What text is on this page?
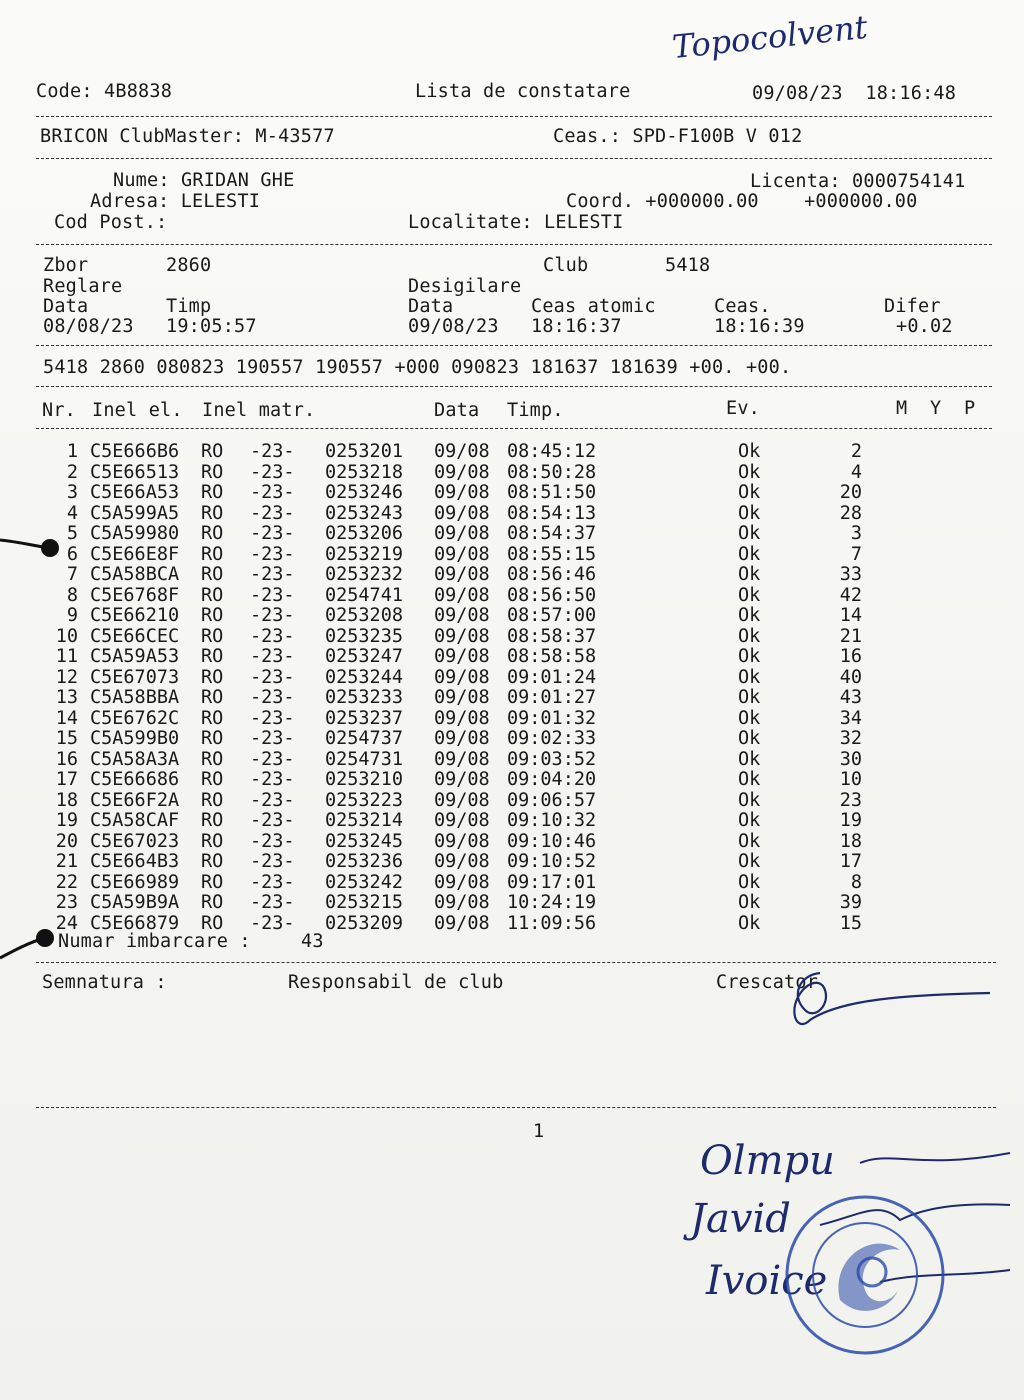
Topocolvent
Code: 4B8838	Lista de constatare	09/08/23  18:16:48
BRICON ClubMaster: M-43577	Ceas.: SPD-F100B V 012
Nume: GRIDAN GHE	Licenta: 0000754141
Adresa: LELESTI	Coord. +000000.00    +000000.00
Cod Post.:	Localitate: LELESTI
Zbor	2860	Club	5418
Reglare	Desigilare
Data	Timp	Data	Ceas atomic	Ceas.	Difer
08/08/23 19:05:57	09/08/23 18:16:37	18:16:39	+0.02
5418 2860 080823 190557 190557 +000 090823 181637 181639 +00. +00.
Nr. Inel el. Inel matr.	Data Timp.	Ev.	M  Y  P
1 C5E666B6 RO -23- 0253201 09/08 08:45:12	Ok	2
2 C5E66513 RO -23- 0253218 09/08 08:50:28	Ok	4
3 C5E66A53 RO -23- 0253246 09/08 08:51:50	Ok	20
4 C5A599A5 RO -23- 0253243 09/08 08:54:13	Ok	28
5 C5A59980 RO -23- 0253206 09/08 08:54:37	Ok	3
6 C5E66E8F RO -23- 0253219 09/08 08:55:15	Ok	7
7 C5A58BCA RO -23- 0253232 09/08 08:56:46	Ok	33
8 C5E6768F RO -23- 0254741 09/08 08:56:50	Ok	42
9 C5E66210 RO -23- 0253208 09/08 08:57:00	Ok	14
10 C5E66CEC RO -23- 0253235 09/08 08:58:37	Ok	21
11 C5A59A53 RO -23- 0253247 09/08 08:58:58	Ok	16
12 C5E67073 RO -23- 0253244 09/08 09:01:24	Ok	40
13 C5A58BBA RO -23- 0253233 09/08 09:01:27	Ok	43
14 C5E6762C RO -23- 0253237 09/08 09:01:32	Ok	34
15 C5A599B0 RO -23- 0254737 09/08 09:02:33	Ok	32
16 C5A58A3A RO -23- 0254731 09/08 09:03:52	Ok	30
17 C5E66686 RO -23- 0253210 09/08 09:04:20	Ok	10
18 C5E66F2A RO -23- 0253223 09/08 09:06:57	Ok	23
19 C5A58CAF RO -23- 0253214 09/08 09:10:32	Ok	19
20 C5E67023 RO -23- 0253245 09/08 09:10:46	Ok	18
21 C5E664B3 RO -23- 0253236 09/08 09:10:52	Ok	17
22 C5E66989 RO -23- 0253242 09/08 09:17:01	Ok	8
23 C5A59B9A RO -23- 0253215 09/08 10:24:19	Ok	39
24 C5E66879 RO -23- 0253209 09/08 11:09:56	Ok	15
Numar imbarcare :	43
Semnatura :	Responsabil de club	Crescator
1
Olmpu
Javid
Ivoice
